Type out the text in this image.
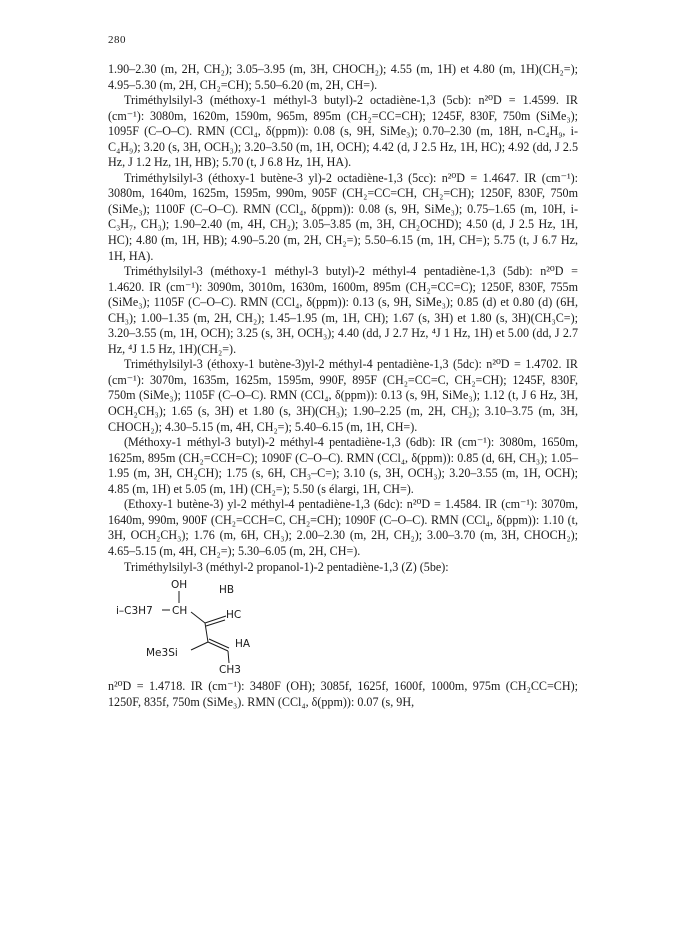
280

1.90–2.30 (m, 2H, CH₂); 3.05–3.95 (m, 3H, CHOCH₂); 4.55 (m, 1H) et 4.80 (m, 1H)(CH₂=); 4.95–5.30 (m, 2H, CH₂=CH); 5.50–6.20 (m, 2H, CH=).

Triméthylsilyl-3 (méthoxy-1 méthyl-3 butyl)-2 octadiène-1,3 (5cb): n²⁰D = 1.4599. IR (cm⁻¹): 3080m, 1620m, 1590m, 965m, 895m (CH₂=CC=CH); 1245F, 830F, 750m (SiMe₃); 1095F (C–O–C). RMN (CCl₄, δ(ppm)): 0.08 (s, 9H, SiMe₃); 0.70–2.30 (m, 18H, n-C₄H₉, i-C₄H₉); 3.20 (s, 3H, OCH₃); 3.20–3.50 (m, 1H, OCH); 4.42 (d, J 2.5 Hz, 1H, HC); 4.92 (dd, J 2.5 Hz, J 1.2 Hz, 1H, HB); 5.70 (t, J 6.8 Hz, 1H, HA).

Triméthylsilyl-3 (éthoxy-1 butène-3 yl)-2 octadiène-1,3 (5cc): n²⁰D = 1.4647. IR (cm⁻¹): 3080m, 1640m, 1625m, 1595m, 990m, 905F (CH₂=CC=CH, CH₂=CH); 1250F, 830F, 750m (SiMe₃); 1100F (C–O–C). RMN (CCl₄, δ(ppm)): 0.08 (s, 9H, SiMe₃); 0.75–1.65 (m, 10H, i-C₃H₇, CH₃); 1.90–2.40 (m, 4H, CH₂); 3.05–3.85 (m, 3H, CH₂OCHD); 4.50 (d, J 2.5 Hz, 1H, HC); 4.80 (m, 1H, HB); 4.90–5.20 (m, 2H, CH₂=); 5.50–6.15 (m, 1H, CH=); 5.75 (t, J 6.7 Hz, 1H, HA).

Triméthylsilyl-3 (méthoxy-1 méthyl-3 butyl)-2 méthyl-4 pentadiène-1,3 (5db): n²⁰D = 1.4620. IR (cm⁻¹): 3090m, 3010m, 1630m, 1600m, 895m (CH₂=CC=C); 1250F, 830F, 755m (SiMe₃); 1105F (C–O–C). RMN (CCl₄, δ(ppm)): 0.13 (s, 9H, SiMe₃); 0.85 (d) et 0.80 (d) (6H, CH₃); 1.00–1.35 (m, 2H, CH₂); 1.45–1.95 (m, 1H, CH); 1.67 (s, 3H) et 1.80 (s, 3H)(CH₃C=); 3.20–3.55 (m, 1H, OCH); 3.25 (s, 3H, OCH₃); 4.40 (dd, J 2.7 Hz, ⁴J 1 Hz, 1H) et 5.00 (dd, J 2.7 Hz, ⁴J 1.5 Hz, 1H)(CH₂=).

Triméthylsilyl-3 (éthoxy-1 butène-3)yl-2 méthyl-4 pentadiène-1,3 (5dc): n²⁰D = 1.4702. IR (cm⁻¹): 3070m, 1635m, 1625m, 1595m, 990F, 895F (CH₂=CC=C, CH₂=CH); 1245F, 830F, 750m (SiMe₃); 1105F (C–O–C). RMN (CCl₄, δ(ppm)): 0.13 (s, 9H, SiMe₃); 1.12 (t, J 6 Hz, 3H, OCH₂CH₃); 1.65 (s, 3H) et 1.80 (s, 3H)(CH₃); 1.90–2.25 (m, 2H, CH₂); 3.10–3.75 (m, 3H, CHOCH₂); 4.30–5.15 (m, 4H, CH₂=); 5.40–6.15 (m, 1H, CH=).

(Méthoxy-1 méthyl-3 butyl)-2 méthyl-4 pentadiène-1,3 (6db): IR (cm⁻¹): 3080m, 1650m, 1625m, 895m (CH₂=CCH=C); 1090F (C–O–C). RMN (CCl₄, δ(ppm)): 0.85 (d, 6H, CH₃); 1.05–1.95 (m, 3H, CH₂CH); 1.75 (s, 6H, CH₃–C=); 3.10 (s, 3H, OCH₃); 3.20–3.55 (m, 1H, OCH); 4.85 (m, 1H) et 5.05 (m, 1H) (CH₂=); 5.50 (s élargi, 1H, CH=).

(Ethoxy-1 butène-3) yl-2 méthyl-4 pentadiène-1,3 (6dc): n²⁰D = 1.4584. IR (cm⁻¹): 3070m, 1640m, 990m, 900F (CH₂=CCH=C, CH₂=CH); 1090F (C–O–C). RMN (CCl₄, δ(ppm)): 1.10 (t, 3H, OCH₂CH₃); 1.76 (m, 6H, CH₃); 2.00–2.30 (m, 2H, CH₂); 3.00–3.70 (m, 3H, CHOCH₂); 4.65–5.15 (m, 4H, CH₂=); 5.30–6.05 (m, 2H, CH=).

Triméthylsilyl-3 (méthyl-2 propanol-1)-2 pentadiène-1,3 (Z) (5be):

OH	HB
i–C3H7 CH	HC
HA
Me3Si
CH3

n²⁰D = 1.4718. IR (cm⁻¹): 3480F (OH); 3085f, 1625f, 1600f, 1000m, 975m (CH₂CC=CH); 1250F, 835f, 750m (SiMe₃). RMN (CCl₄, δ(ppm)): 0.07 (s, 9H,
